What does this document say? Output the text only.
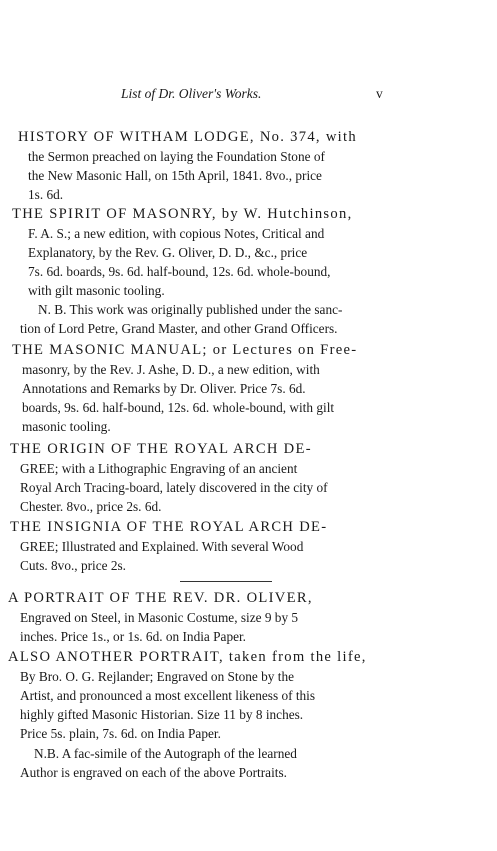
List of Dr. Oliver's Works.	v
HISTORY OF WITHAM LODGE, No. 374, with
the Sermon preached on laying the Foundation Stone of
the New Masonic Hall, on 15th April, 1841. 8vo., price
1s. 6d.
THE SPIRIT OF MASONRY, by W. Hutchinson,
F. A. S.; a new edition, with copious Notes, Critical and
Explanatory, by the Rev. G. Oliver, D. D., &c., price
7s. 6d. boards, 9s. 6d. half-bound, 12s. 6d. whole-bound,
with gilt masonic tooling.
N. B. This work was originally published under the sanc-
tion of Lord Petre, Grand Master, and other Grand Officers.
THE MASONIC MANUAL; or Lectures on Free-
masonry, by the Rev. J. Ashe, D. D., a new edition, with
Annotations and Remarks by Dr. Oliver. Price 7s. 6d.
boards, 9s. 6d. half-bound, 12s. 6d. whole-bound, with gilt
masonic tooling.
THE ORIGIN OF THE ROYAL ARCH DE-
GREE; with a Lithographic Engraving of an ancient
Royal Arch Tracing-board, lately discovered in the city of
Chester. 8vo., price 2s. 6d.
THE INSIGNIA OF THE ROYAL ARCH DE-
GREE; Illustrated and Explained. With several Wood
Cuts. 8vo., price 2s.
A PORTRAIT OF THE REV. DR. OLIVER,
Engraved on Steel, in Masonic Costume, size 9 by 5
inches. Price 1s., or 1s. 6d. on India Paper.
ALSO ANOTHER PORTRAIT, taken from the life,
By Bro. O. G. Rejlander; Engraved on Stone by the
Artist, and pronounced a most excellent likeness of this
highly gifted Masonic Historian. Size 11 by 8 inches.
Price 5s. plain, 7s. 6d. on India Paper.
N.B. A fac-simile of the Autograph of the learned
Author is engraved on each of the above Portraits.
